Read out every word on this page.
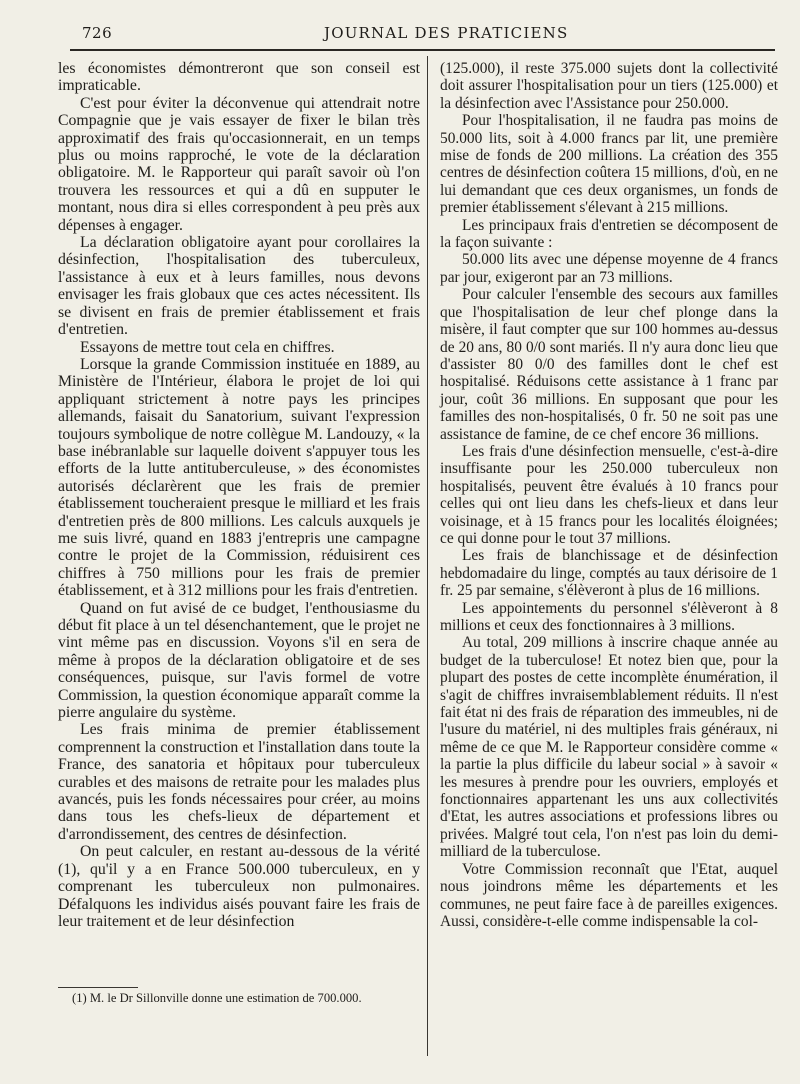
726	JOURNAL DES PRATICIENS

les économistes démontreront que son conseil est impraticable.

C'est pour éviter la déconvenue qui attendrait notre Compagnie que je vais essayer de fixer le bilan très approximatif des frais qu'occasionnerait, en un temps plus ou moins rapproché, le vote de la déclaration obligatoire. M. le Rapporteur qui paraît savoir où l'on trouvera les ressources et qui a dû en supputer le montant, nous dira si elles correspondent à peu près aux dépenses à engager.

La déclaration obligatoire ayant pour corollaires la désinfection, l'hospitalisation des tuberculeux, l'assistance à eux et à leurs familles, nous devons envisager les frais globaux que ces actes nécessitent. Ils se divisent en frais de premier établissement et frais d'entretien.

Essayons de mettre tout cela en chiffres.

Lorsque la grande Commission instituée en 1889, au Ministère de l'Intérieur, élabora le projet de loi qui appliquant strictement à notre pays les principes allemands, faisait du Sanatorium, suivant l'expression toujours symbolique de notre collègue M. Landouzy, « la base inébranlable sur laquelle doivent s'appuyer tous les efforts de la lutte antituberculeuse, » des économistes autorisés déclarèrent que les frais de premier établissement toucheraient presque le milliard et les frais d'entretien près de 800 millions. Les calculs auxquels je me suis livré, quand en 1883 j'entrepris une campagne contre le projet de la Commission, réduisirent ces chiffres à 750 millions pour les frais de premier établissement, et à 312 millions pour les frais d'entretien.

Quand on fut avisé de ce budget, l'enthousiasme du début fit place à un tel désenchantement, que le projet ne vint même pas en discussion. Voyons s'il en sera de même à propos de la déclaration obligatoire et de ses conséquences, puisque, sur l'avis formel de votre Commission, la question économique apparaît comme la pierre angulaire du système.

Les frais minima de premier établissement comprennent la construction et l'installation dans toute la France, des sanatoria et hôpitaux pour tuberculeux curables et des maisons de retraite pour les malades plus avancés, puis les fonds nécessaires pour créer, au moins dans tous les chefs-lieux de département et d'arrondissement, des centres de désinfection.

On peut calculer, en restant au-dessous de la vérité (1), qu'il y a en France 500.000 tuberculeux, en y comprenant les tuberculeux non pulmonaires. Défalquons les individus aisés pouvant faire les frais de leur traitement et de leur désinfection

(1) M. le Dr Sillonville donne une estimation de 700.000.

(125.000), il reste 375.000 sujets dont la collectivité doit assurer l'hospitalisation pour un tiers (125.000) et la désinfection avec l'Assistance pour 250.000.

Pour l'hospitalisation, il ne faudra pas moins de 50.000 lits, soit à 4.000 francs par lit, une première mise de fonds de 200 millions. La création des 355 centres de désinfection coûtera 15 millions, d'où, en ne lui demandant que ces deux organismes, un fonds de premier établissement s'élevant à 215 millions.

Les principaux frais d'entretien se décomposent de la façon suivante :

50.000 lits avec une dépense moyenne de 4 francs par jour, exigeront par an 73 millions.

Pour calculer l'ensemble des secours aux familles que l'hospitalisation de leur chef plonge dans la misère, il faut compter que sur 100 hommes au-dessus de 20 ans, 80 0/0 sont mariés. Il n'y aura donc lieu que d'assister 80 0/0 des familles dont le chef est hospitalisé. Réduisons cette assistance à 1 franc par jour, coût 36 millions. En supposant que pour les familles des non-hospitalisés, 0 fr. 50 ne soit pas une assistance de famine, de ce chef encore 36 millions.

Les frais d'une désinfection mensuelle, c'est-à-dire insuffisante pour les 250.000 tuberculeux non hospitalisés, peuvent être évalués à 10 francs pour celles qui ont lieu dans les chefs-lieux et dans leur voisinage, et à 15 francs pour les localités éloignées; ce qui donne pour le tout 37 millions.

Les frais de blanchissage et de désinfection hebdomadaire du linge, comptés au taux dérisoire de 1 fr. 25 par semaine, s'élèveront à plus de 16 millions.

Les appointements du personnel s'élèveront à 8 millions et ceux des fonctionnaires à 3 millions.

Au total, 209 millions à inscrire chaque année au budget de la tuberculose! Et notez bien que, pour la plupart des postes de cette incomplète énumération, il s'agit de chiffres invraisemblablement réduits. Il n'est fait état ni des frais de réparation des immeubles, ni de l'usure du matériel, ni des multiples frais généraux, ni même de ce que M. le Rapporteur considère comme « la partie la plus difficile du labeur social » à savoir « les mesures à prendre pour les ouvriers, employés et fonctionnaires appartenant les uns aux collectivités d'Etat, les autres associations et professions libres ou privées. Malgré tout cela, l'on n'est pas loin du demi-milliard de la tuberculose.

Votre Commission reconnaît que l'Etat, auquel nous joindrons même les départements et les communes, ne peut faire face à de pareilles exigences. Aussi, considère-t-elle comme indispensable la col-
